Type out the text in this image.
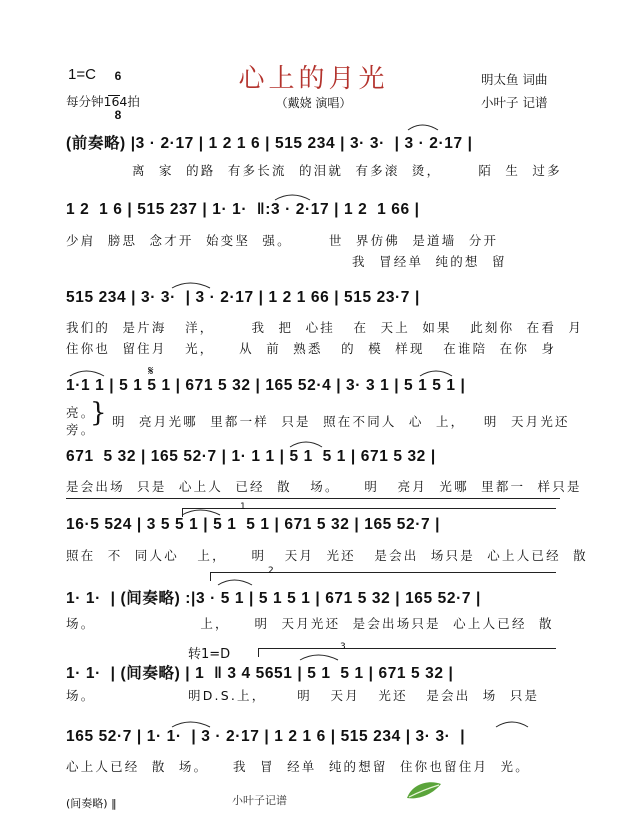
心上的月光
（戴娆 演唱）
1=C	6

8

每分钟164拍
明太鱼 词曲
小叶子 记谱
(前奏略) |3 · 2·17 | 1 2 1 6 | 515 234 | 3· 3·  | 3 · 2·17 |
离  家  的路  有多长流  的泪就  有多滚  烫，      陌  生  过多
1 2  1 6 | 515 237 | 1· 1·  ‖:3 · 2·17 | 1 2  1 66 |
少肩  膀思  念才开  始变坚  强。      世  界仿佛  是道墙  分开
我  冒经单  纯的想  留
515 234 | 3· 3·  | 3 · 2·17 | 1 2 1 66 | 515 23·7 |
我们的  是片海   洋，      我  把  心挂   在  天上  如果   此刻你  在看  月
住你也  留住月   光，    从  前  熟悉   的  模  样现   在谁陪  在你  身
𝄋
1·1 1 | 5 1 5 1 | 671 5 32 | 165 52·4 | 3· 3 1 | 5 1 5 1 |
亮。
旁。
} 明  亮月光哪  里都一样  只是  照在不同人  心  上，   明  天月光还
671  5 32 | 165 52·7 | 1· 1 1 | 5 1  5 1 | 671 5 32 |
是会出场  只是  心上人  已经  散   场。    明   亮月  光哪  里都一  样只是
16·5 524 | 3 5 5 1 | 5 1  5 1 | 671 5 32 | 165 52·7 |
照在  不  同人心   上，    明   天月  光还   是会出  场只是  心上人已经  散
2
1
1· 1·  | (间奏略) :|3 · 5 1 | 5 1 5 1 | 671 5 32 | 165 52·7 |
场。                 上，    明  天月光还  是会出场只是  心上人已经  散
转1=D	3
1· 1·  | (间奏略) | 1  ‖ 3 4 5651 | 5 1  5 1 | 671 5 32 |
场。               明D.S.上，     明   天月   光还   是会出  场  只是
165 52·7 | 1· 1·  | 3 · 2·17 | 1 2 1 6 | 515 234 | 3· 3·  |
心上人已经  散  场。    我  冒  经单  纯的想留  住你也留住月  光。
(间奏略) ‖	小叶子记谱
